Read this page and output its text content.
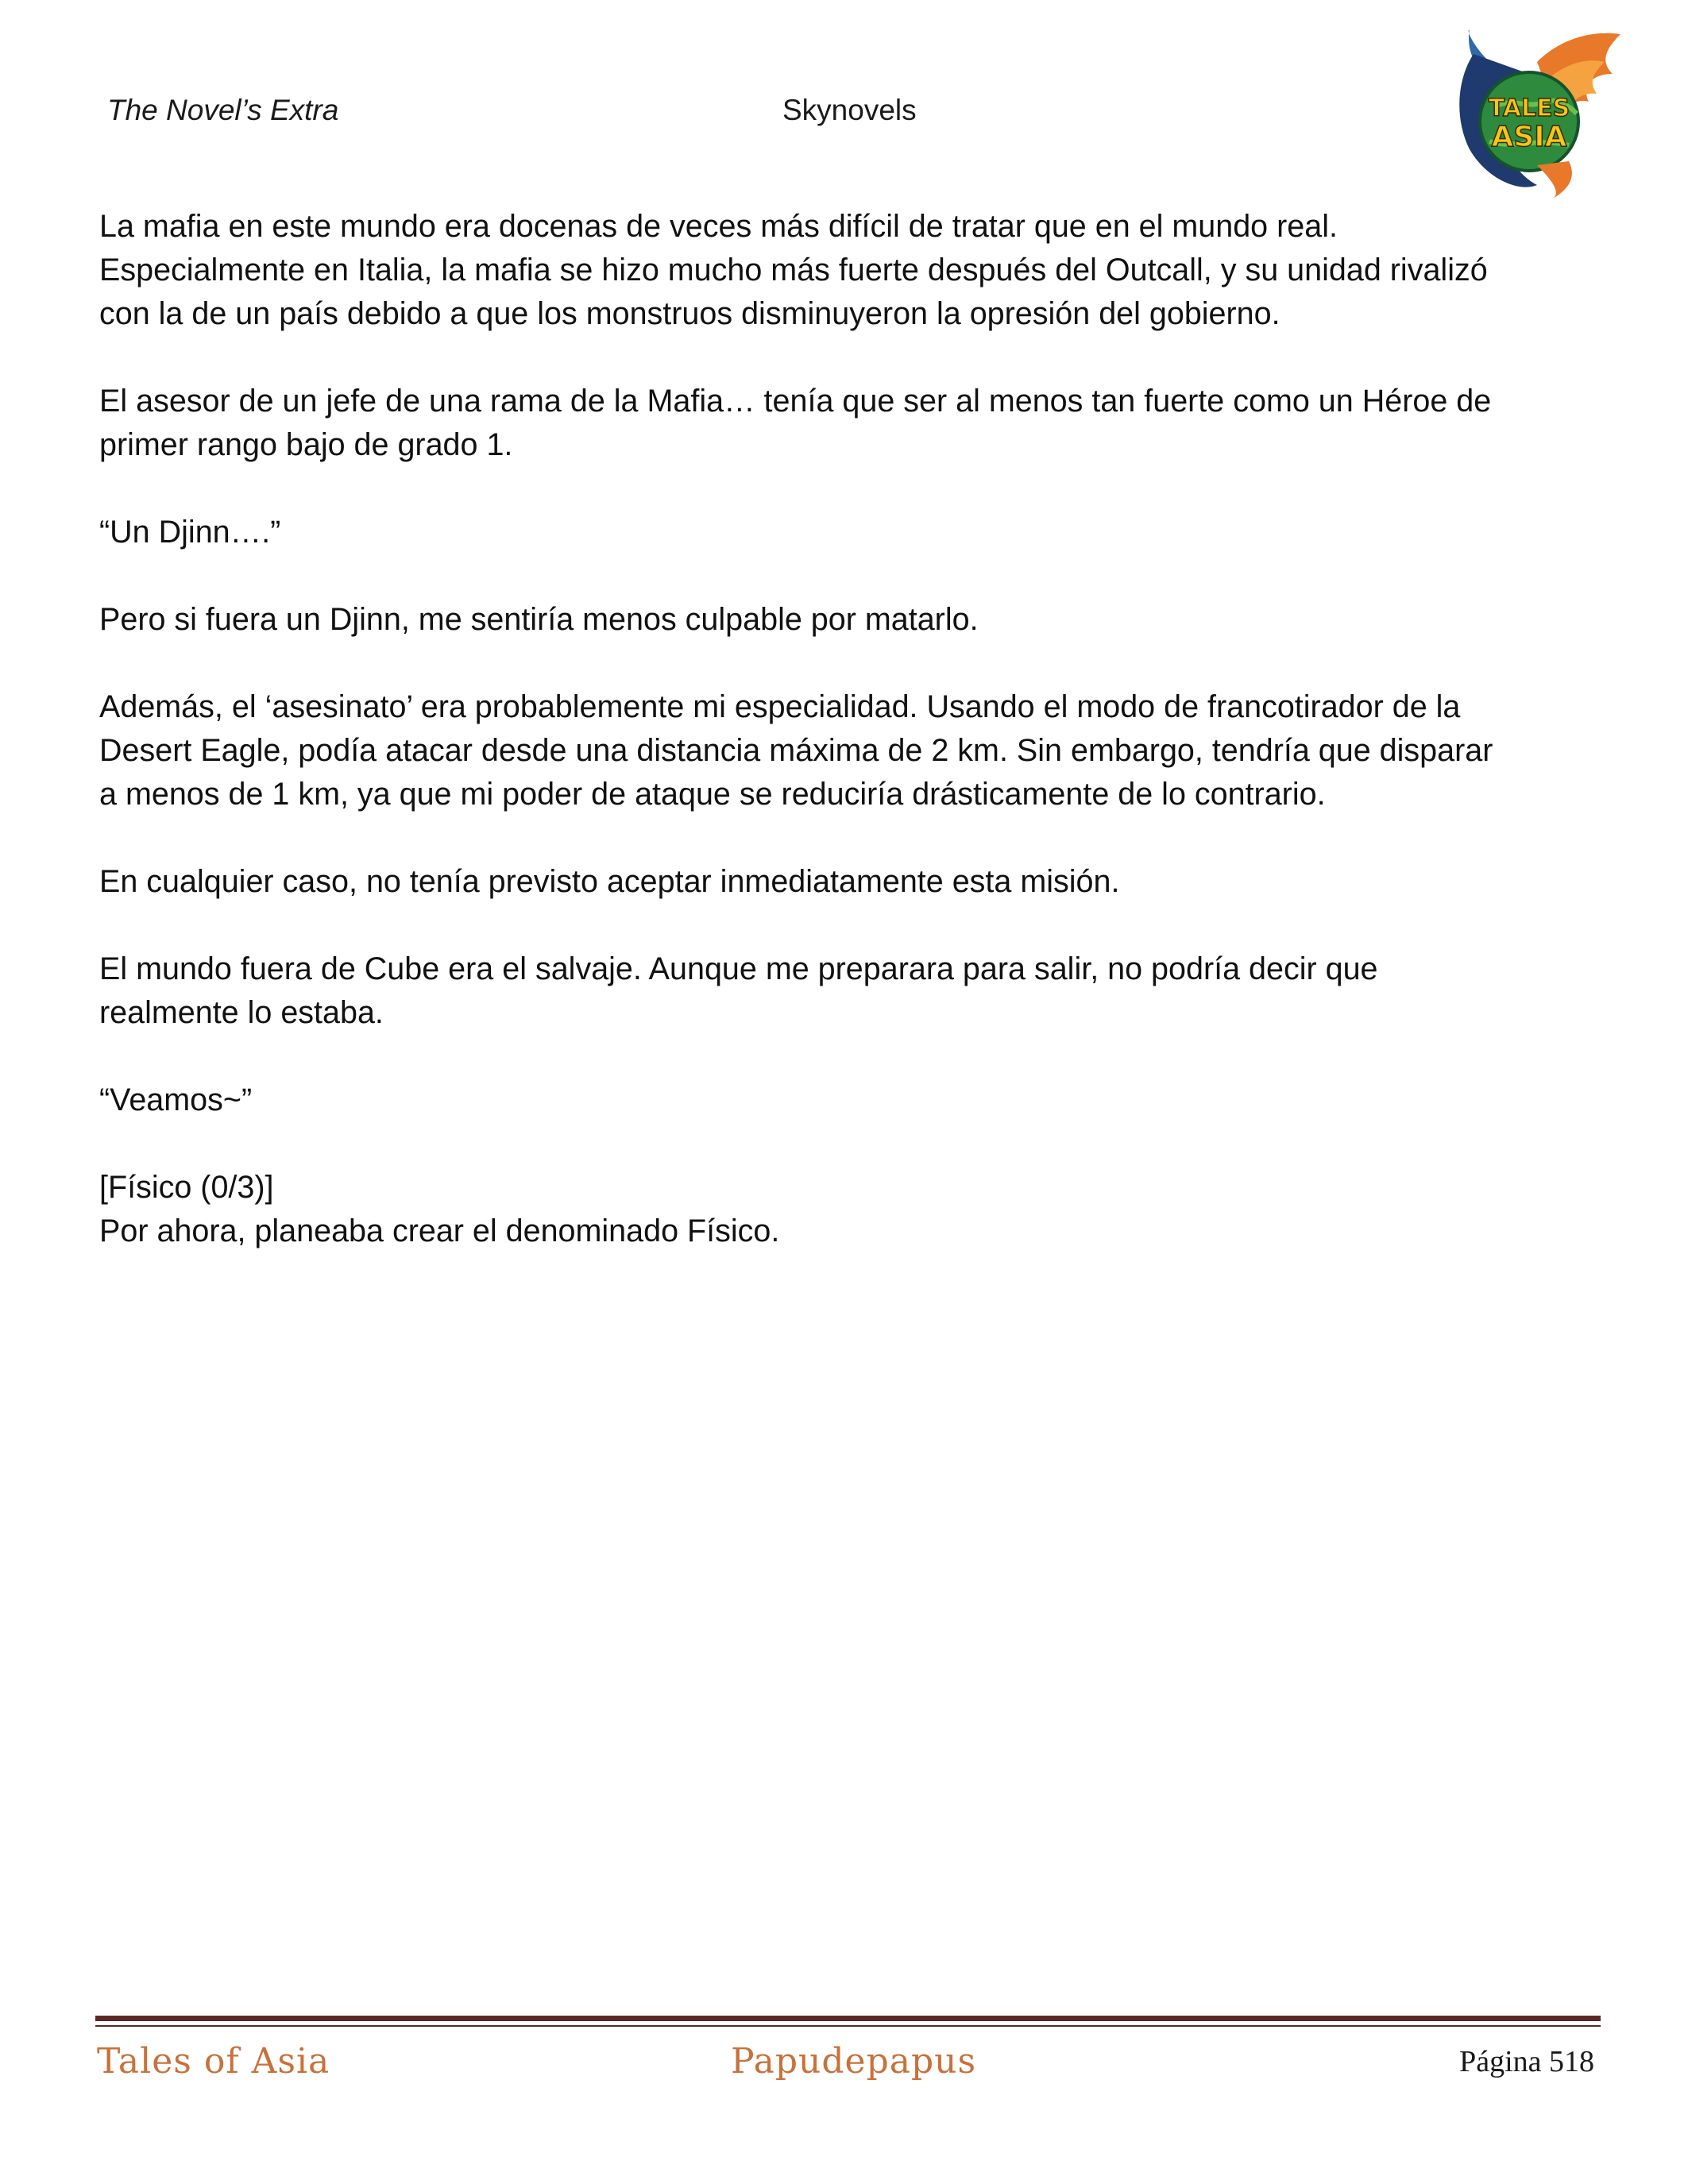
The Novel’s Extra	Skynovels	TALES
ASIA

La mafia en este mundo era docenas de veces más difícil de tratar que en el mundo real.
Especialmente en Italia, la mafia se hizo mucho más fuerte después del Outcall, y su unidad rivalizó
con la de un país debido a que los monstruos disminuyeron la opresión del gobierno.

El asesor de un jefe de una rama de la Mafia… tenía que ser al menos tan fuerte como un Héroe de
primer rango bajo de grado 1.

“Un Djinn….”

Pero si fuera un Djinn, me sentiría menos culpable por matarlo.

Además, el ‘asesinato’ era probablemente mi especialidad. Usando el modo de francotirador de la
Desert Eagle, podía atacar desde una distancia máxima de 2 km. Sin embargo, tendría que disparar
a menos de 1 km, ya que mi poder de ataque se reduciría drásticamente de lo contrario.

En cualquier caso, no tenía previsto aceptar inmediatamente esta misión.

El mundo fuera de Cube era el salvaje. Aunque me preparara para salir, no podría decir que
realmente lo estaba.

“Veamos~”

[Físico (0/3)]

Por ahora, planeaba crear el denominado Físico.

Tales of Asia	Papudepapus	Página 518
